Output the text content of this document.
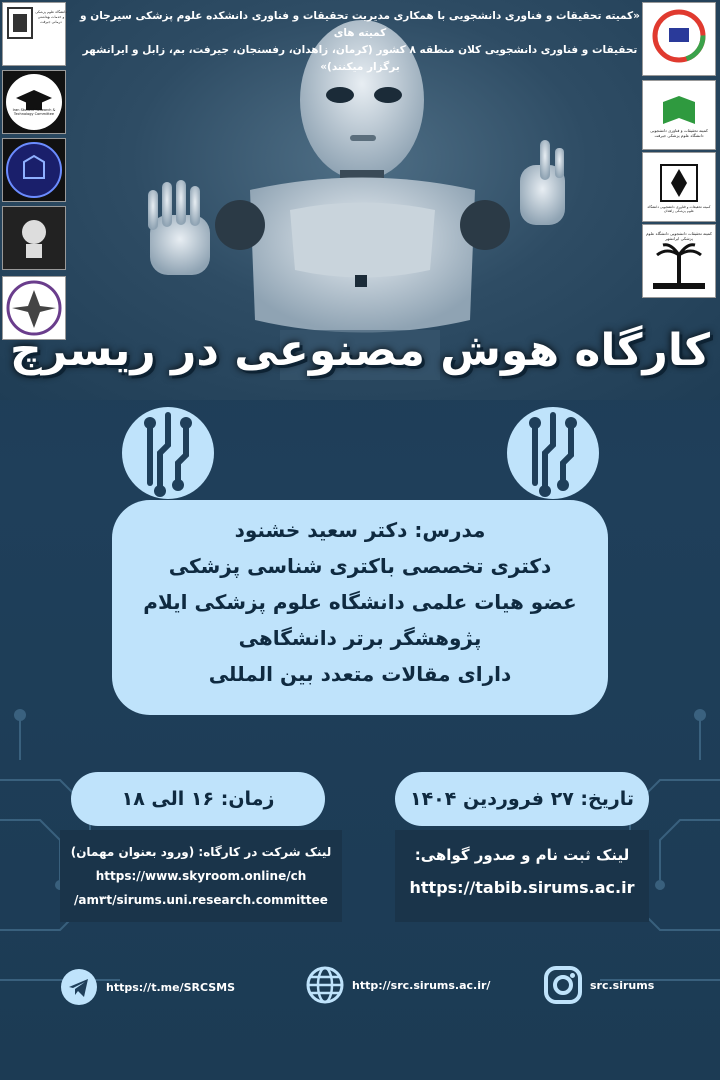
«کمیته تحقیقات و فناوری دانشجویی با همکاری مدیریت تحقیقات و فناوری دانشکده علوم پزشکی سیرجان و کمیته های
تحقیقات و فناوری دانشجویی کلان منطقه ۸ کشور (کرمان، زاهدان، رفسنجان، جیرفت، بم، زابل و ایرانشهر برگزار میکنند)»
دانشگاه علوم پزشکی و خدمات بهداشتی درمانی جیرفت
Iran Student Research & Technology Committee
کمیته تحقیقات و فناوری دانشجویی دانشگاه علوم پزشکی جیرفت
کمیته تحقیقات و فناوری دانشجویی دانشگاه علوم پزشکی زاهدان
کمیته تحقیقات دانشجویی دانشگاه علوم پزشکی ایرانشهر
کارگاه هوش مصنوعی در ریسرچ
مدرس: دکتر سعید خشنود
دکتری تخصصی باکتری شناسی پزشکی
عضو هیات علمی دانشگاه علوم پزشکی ایلام
پژوهشگر برتر دانشگاهی
دارای مقالات متعدد بین المللی
تاریخ: ۲۷ فروردین ۱۴۰۴
زمان: ۱۶ الی ۱۸
لینک ثبت نام و صدور گواهی:
https://tabib.sirums.ac.ir
لینک شرکت در کارگاه: (ورود بعنوان مهمان)
https://www.skyroom.online/ch
/am٣t/sirums.uni.research.committee
https://t.me/SRCSMS	http://src.sirums.ac.ir/	src.sirums
